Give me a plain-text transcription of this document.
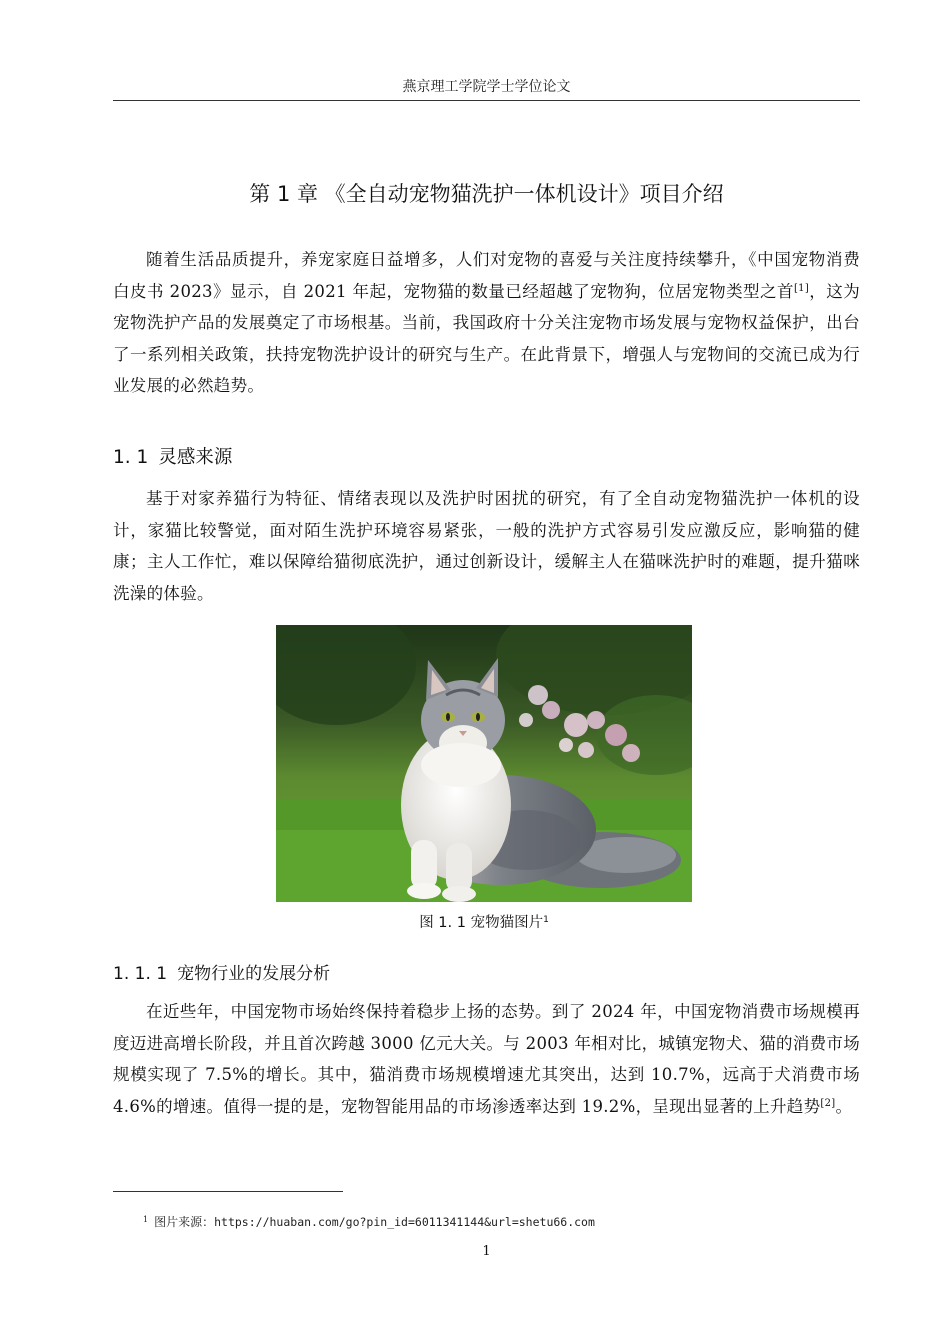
燕京理工学院学士学位论文
第 1 章 《全自动宠物猫洗护一体机设计》项目介绍

随着生活品质提升，养宠家庭日益增多，人们对宠物的喜爱与关注度持续攀升，《中国宠物消费白皮书 2023》显示，自 2021 年起，宠物猫的数量已经超越了宠物狗，位居宠物类型之首[1]，这为宠物洗护产品的发展奠定了市场根基。当前，我国政府十分关注宠物市场发展与宠物权益保护，出台了一系列相关政策，扶持宠物洗护设计的研究与生产。在此背景下，增强人与宠物间的交流已成为行业发展的必然趋势。

1. 1 灵感来源

基于对家养猫行为特征、情绪表现以及洗护时困扰的研究，有了全自动宠物猫洗护一体机的设计，家猫比较警觉，面对陌生洗护环境容易紧张，一般的洗护方式容易引发应激反应，影响猫的健康；主人工作忙，难以保障给猫彻底洗护，通过创新设计，缓解主人在猫咪洗护时的难题，提升猫咪洗澡的体验。

图 1. 1 宠物猫图片$^1$
1. 1. 1 宠物行业的发展分析

在近些年，中国宠物市场始终保持着稳步上扬的态势。到了 2024 年，中国宠物消费市场规模再度迈进高增长阶段，并且首次跨越 3000 亿元大关。与 2003 年相对比，城镇宠物犬、猫的消费市场规模实现了 7.5%的增长。其中，猫消费市场规模增速尤其突出，达到 10.7%，远高于犬消费市场 4.6%的增速。值得一提的是，宠物智能用品的市场渗透率达到 19.2%，呈现出显著的上升趋势[2]。

$^1$ 图片来源：https://huaban.com/go?pin_id=6011341144&url=shetu66.com
1
